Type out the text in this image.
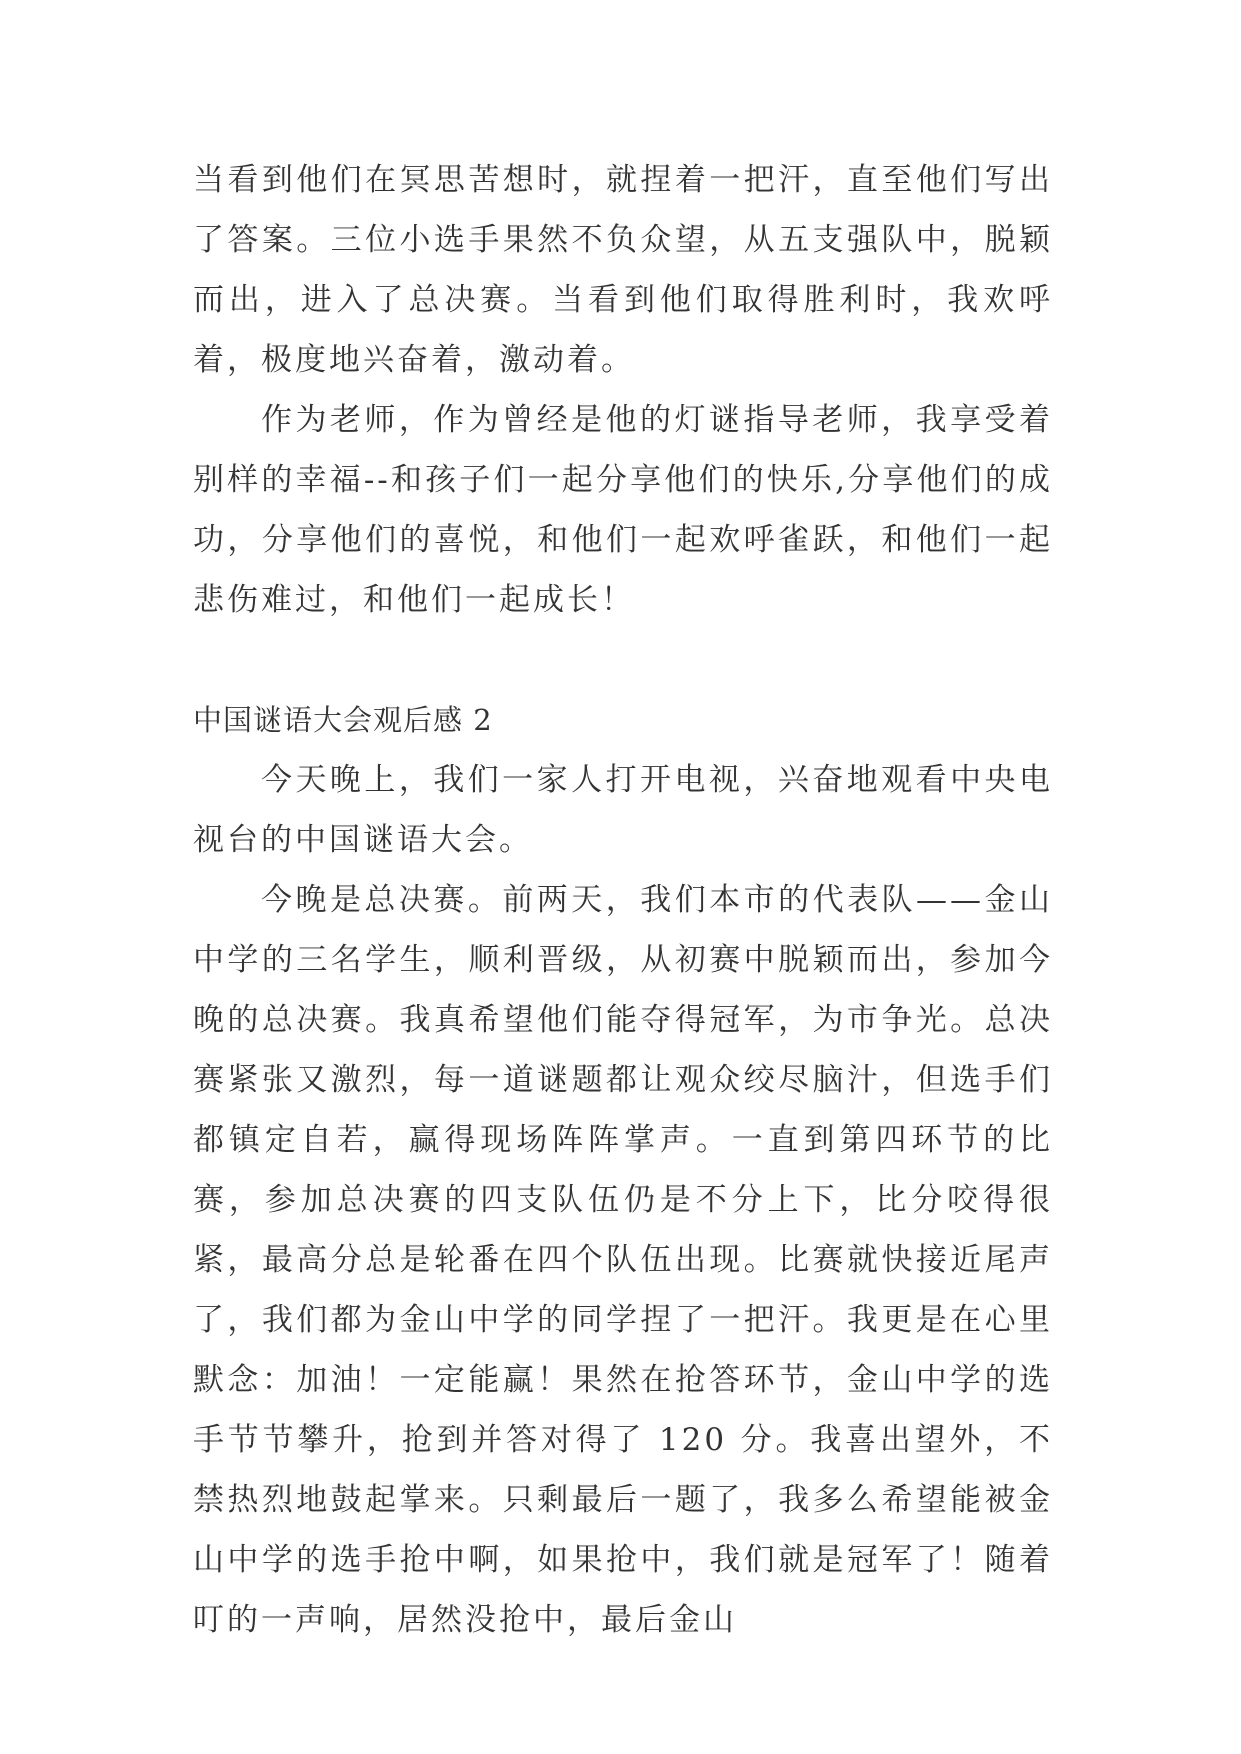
当看到他们在冥思苦想时，就捏着一把汗，直至他们写出了答案。三位小选手果然不负众望，从五支强队中，脱颖而出，进入了总决赛。当看到他们取得胜利时，我欢呼着，极度地兴奋着，激动着。

作为老师，作为曾经是他的灯谜指导老师，我享受着别样的幸福--和孩子们一起分享他们的快乐,分享他们的成功，分享他们的喜悦，和他们一起欢呼雀跃，和他们一起悲伤难过，和他们一起成长！

中国谜语大会观后感 2

今天晚上，我们一家人打开电视，兴奋地观看中央电视台的中国谜语大会。

今晚是总决赛。前两天，我们本市的代表队——金山中学的三名学生，顺利晋级，从初赛中脱颖而出，参加今晚的总决赛。我真希望他们能夺得冠军，为市争光。总决赛紧张又激烈，每一道谜题都让观众绞尽脑汁，但选手们都镇定自若，赢得现场阵阵掌声。一直到第四环节的比赛，参加总决赛的四支队伍仍是不分上下，比分咬得很紧，最高分总是轮番在四个队伍出现。比赛就快接近尾声了，我们都为金山中学的同学捏了一把汗。我更是在心里默念：加油！一定能赢！果然在抢答环节，金山中学的选手节节攀升，抢到并答对得了 120 分。我喜出望外，不禁热烈地鼓起掌来。只剩最后一题了，我多么希望能被金山中学的选手抢中啊，如果抢中，我们就是冠军了！随着叮的一声响，居然没抢中，最后金山
